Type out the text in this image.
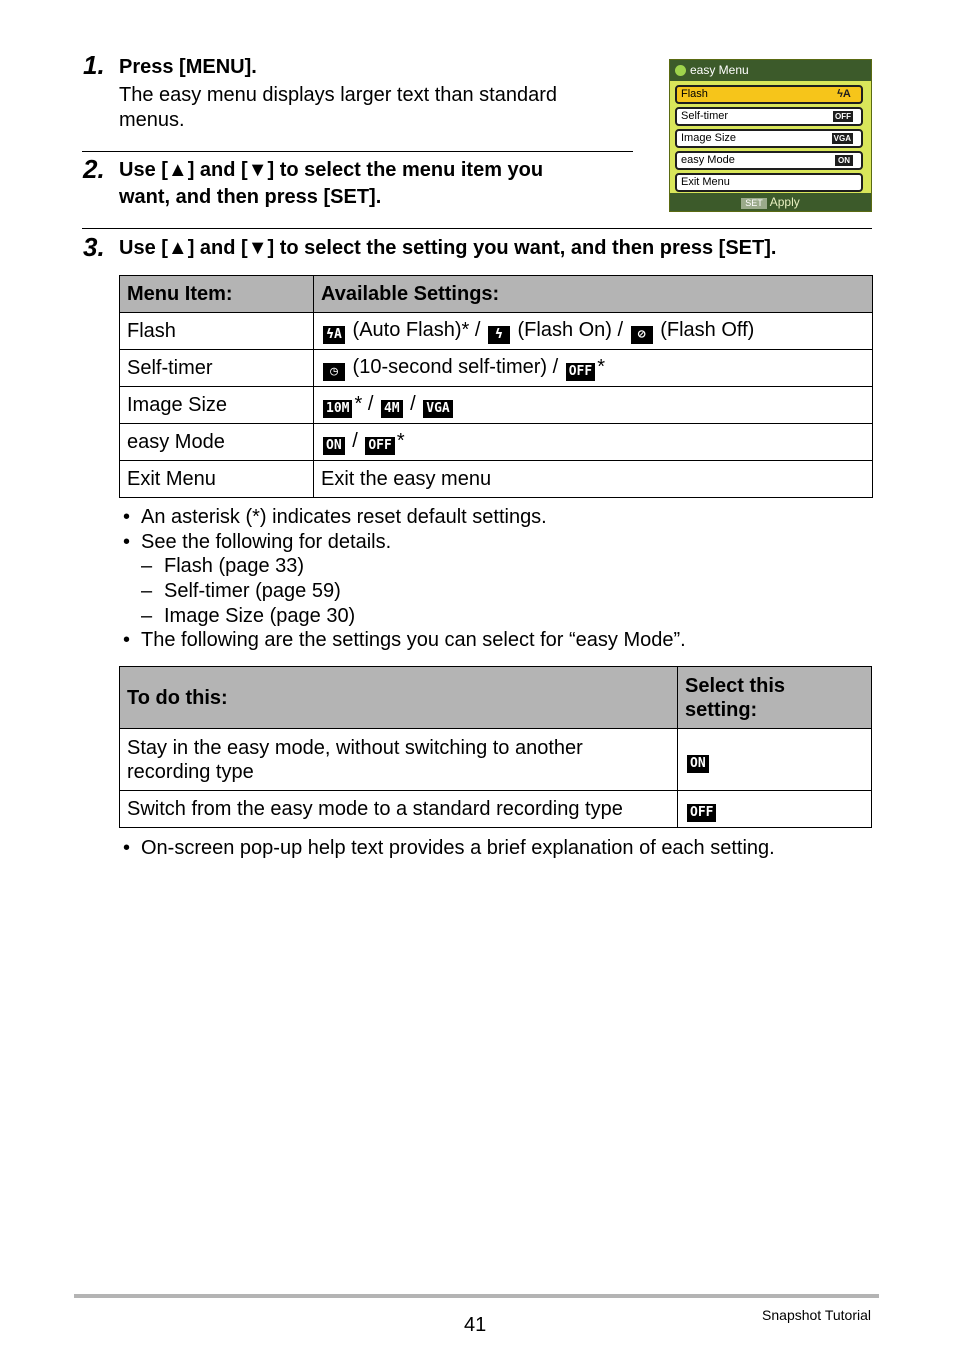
1. Press [MENU].
The easy menu displays larger text than standard
menus.
2. Use [▲] and [▼] to select the menu item you
want, and then press [SET].
easy Menu
Flash	ϟA
Self-timer	OFF
Image Size	VGA
easy Mode	ON
Exit Menu
SET Apply
3. Use [▲] and [▼] to select the setting you want, and then press [SET].
Menu Item:	Available Settings:
Flash	ϟA (Auto Flash)* / ϟ (Flash On) / ⊘ (Flash Off)
Self-timer	◷ (10-second self-timer) / OFF *
Image Size	10M * / 4M / VGA
easy Mode	ON / OFF *
Exit Menu	Exit the easy menu
• An asterisk (*) indicates reset default settings.
• See the following for details.
– Flash (page 33)
– Self-timer (page 59)
– Image Size (page 30)
• The following are the settings you can select for “easy Mode”.
To do this:	Select this
setting:

Stay in the easy mode, without switching to another
recording type	ON
Switch from the easy mode to a standard recording type	OFF
• On-screen pop-up help text provides a brief explanation of each setting.
41	Snapshot Tutorial
